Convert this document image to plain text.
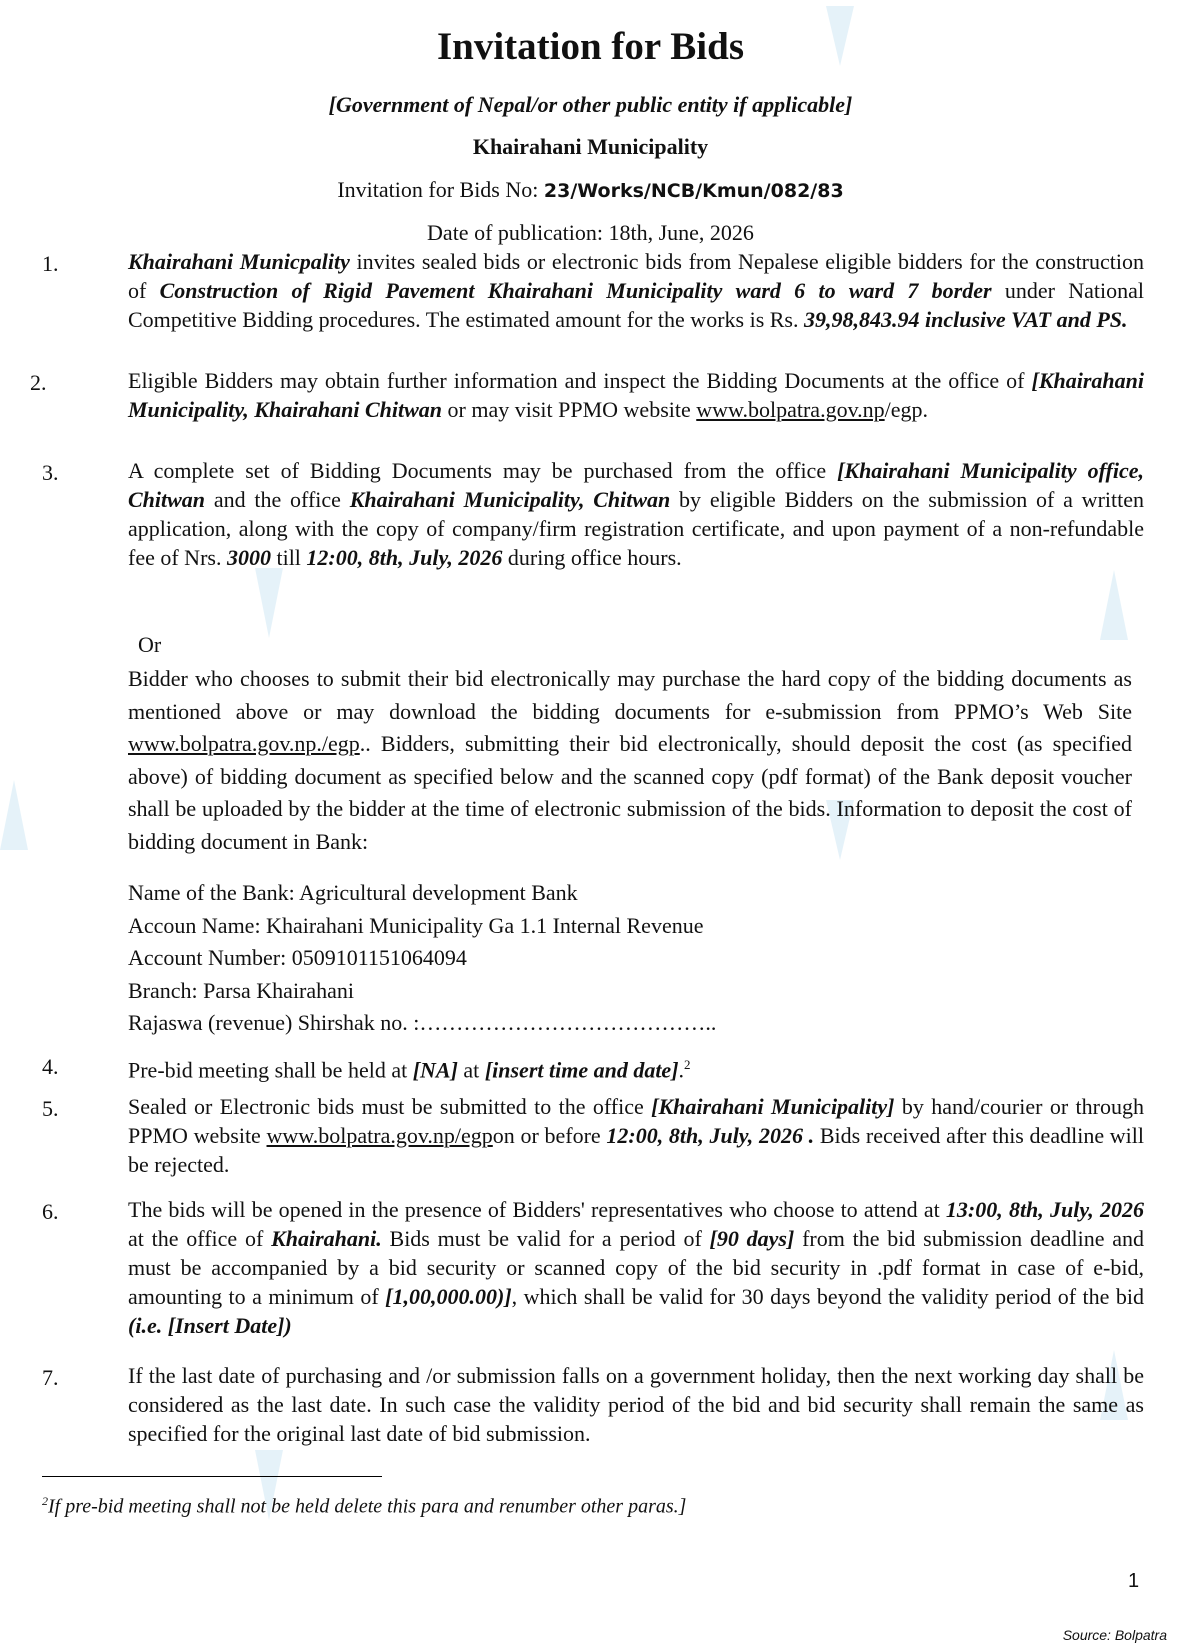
Invitation for Bids
[Government of Nepal/or other public entity if applicable]
Khairahani Municipality
Invitation for Bids No: 23/Works/NCB/Kmun/082/83
Date of publication: 18th, June, 2026
1.	Khairahani Municpality invites sealed bids or electronic bids from Nepalese eligible bidders for the construction of Construction of Rigid Pavement Khairahani Municipality ward 6 to ward 7 border under National Competitive Bidding procedures. The estimated amount for the works is Rs. 39,98,843.94 inclusive VAT and PS.
2.	Eligible Bidders may obtain further information and inspect the Bidding Documents at the office of [Khairahani Municipality, Khairahani Chitwan or may visit PPMO website www.bolpatra.gov.np/egp.
3.	A complete set of Bidding Documents may be purchased from the office [Khairahani Municipality office, Chitwan and the office Khairahani Municipality, Chitwan by eligible Bidders on the submission of a written application, along with the copy of company/firm registration certificate, and upon payment of a non-refundable fee of Nrs. 3000 till 12:00, 8th, July, 2026 during office hours.
Or
Bidder who chooses to submit their bid electronically may purchase the hard copy of the bidding documents as mentioned above or may download the bidding documents for e-submission from PPMO’s Web Site www.bolpatra.gov.np./egp.. Bidders, submitting their bid electronically, should deposit the cost (as specified above) of bidding document as specified below and the scanned copy (pdf format) of the Bank deposit voucher shall be uploaded by the bidder at the time of electronic submission of the bids. Information to deposit the cost of bidding document in Bank:
Name of the Bank: Agricultural development Bank
Accoun Name: Khairahani Municipality Ga 1.1 Internal Revenue
Account Number: 0509101151064094
Branch: Parsa Khairahani
Rajaswa (revenue) Shirshak no. :…………………………………..
4.	Pre-bid meeting shall be held at [NA] at [insert time and date].$^2$
5.	Sealed or Electronic bids must be submitted to the office [Khairahani Municipality] by hand/courier or through PPMO website www.bolpatra.gov.np/egpon or before 12:00, 8th, July, 2026 . Bids received after this deadline will be rejected.
6.	The bids will be opened in the presence of Bidders' representatives who choose to attend at 13:00, 8th, July, 2026 at the office of Khairahani. Bids must be valid for a period of [90 days] from the bid submission deadline and must be accompanied by a bid security or scanned copy of the bid security in .pdf format in case of e-bid, amounting to a minimum of [1,00,000.00)], which shall be valid for 30 days beyond the validity period of the bid (i.e. [Insert Date])
7.	If the last date of purchasing and /or submission falls on a government holiday, then the next working day shall be considered as the last date. In such case the validity period of the bid and bid security shall remain the same as specified for the original last date of bid submission.
$^2$If pre-bid meeting shall not be held delete this para and renumber other paras.]
1
Source: Bolpatra
